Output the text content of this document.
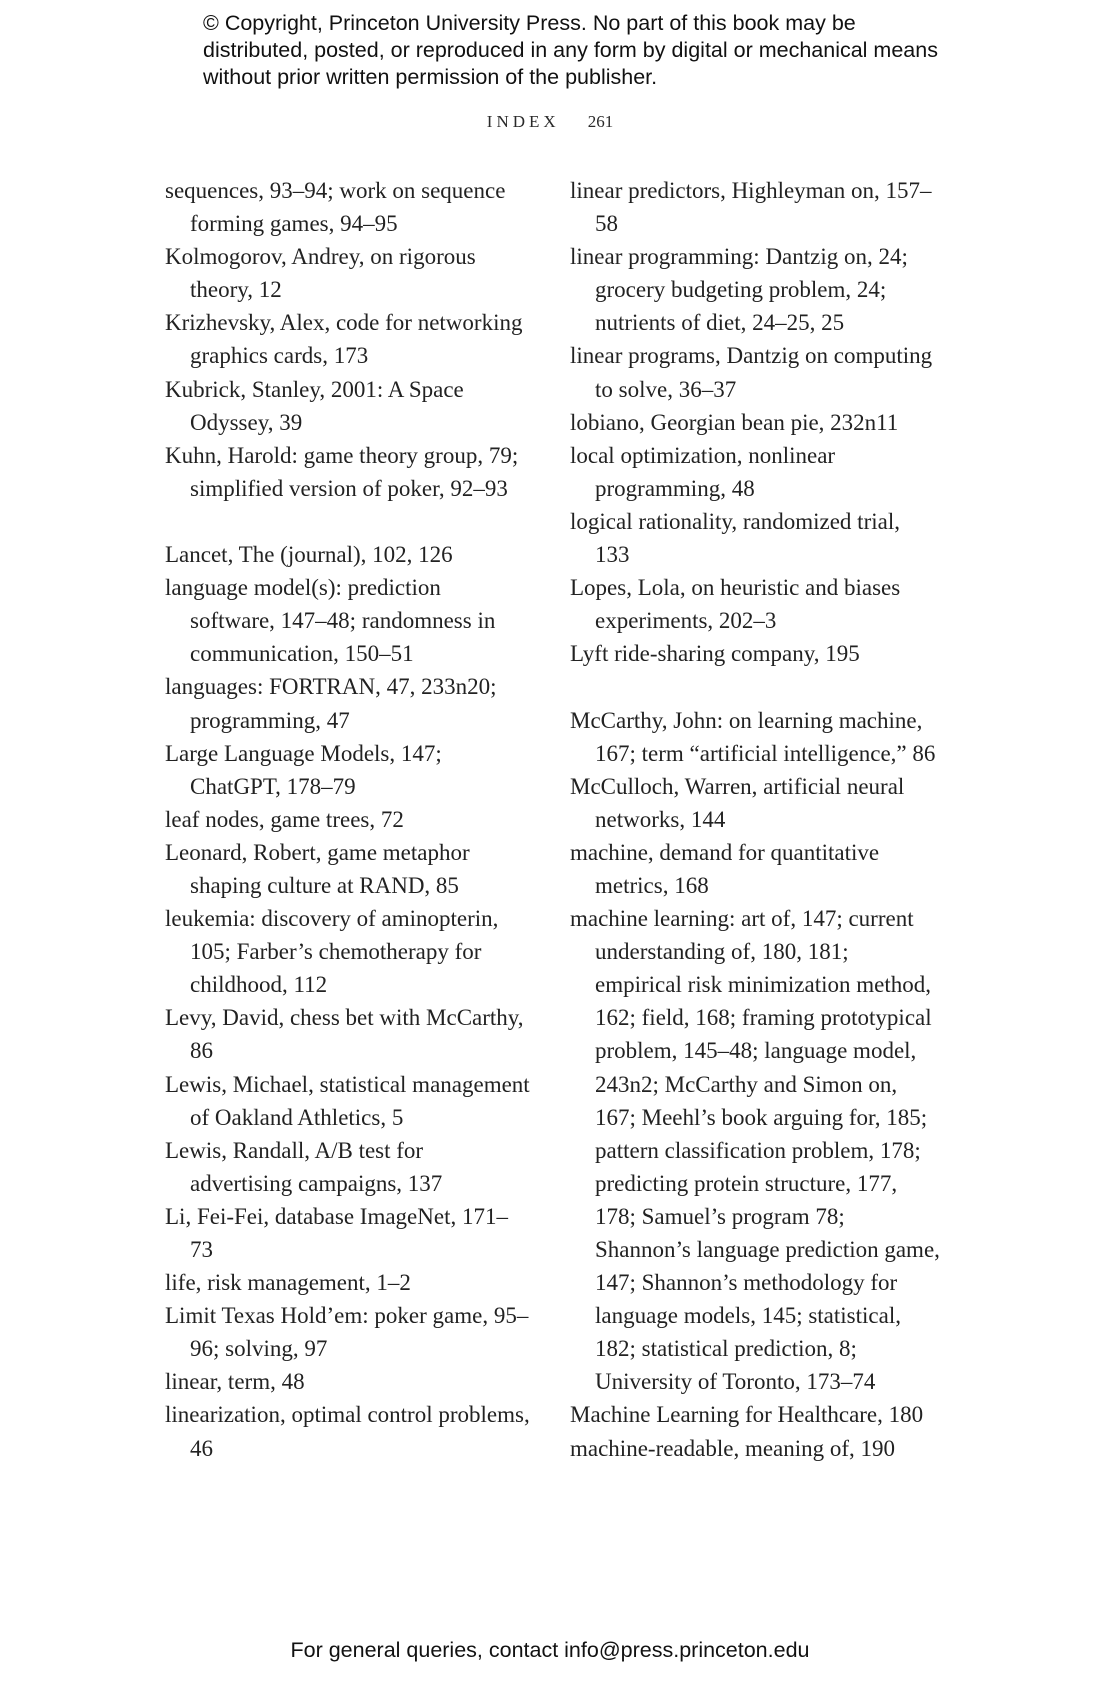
© Copyright, Princeton University Press. No part of this book may be distributed, posted, or reproduced in any form by digital or mechanical means without prior written permission of the publisher.
INDEX 261
sequences, 93–94; work on sequence forming games, 94–95
Kolmogorov, Andrey, on rigorous theory, 12
Krizhevsky, Alex, code for networking graphics cards, 173
Kubrick, Stanley, 2001: A Space Odyssey, 39
Kuhn, Harold: game theory group, 79; simplified version of poker, 92–93
Lancet, The (journal), 102, 126
language model(s): prediction software, 147–48; randomness in communication, 150–51
languages: FORTRAN, 47, 233n20; programming, 47
Large Language Models, 147; ChatGPT, 178–79
leaf nodes, game trees, 72
Leonard, Robert, game metaphor shaping culture at RAND, 85
leukemia: discovery of aminopterin, 105; Farber’s chemotherapy for childhood, 112
Levy, David, chess bet with McCarthy, 86
Lewis, Michael, statistical management of Oakland Athletics, 5
Lewis, Randall, A/B test for advertising campaigns, 137
Li, Fei-Fei, database ImageNet, 171–73
life, risk management, 1–2
Limit Texas Hold’em: poker game, 95–96; solving, 97
linear, term, 48
linearization, optimal control problems, 46
linear predictors, Highleyman on, 157–58
linear programming: Dantzig on, 24; grocery budgeting problem, 24; nutrients of diet, 24–25, 25
linear programs, Dantzig on computing to solve, 36–37
lobiano, Georgian bean pie, 232n11
local optimization, nonlinear programming, 48
logical rationality, randomized trial, 133
Lopes, Lola, on heuristic and biases experiments, 202–3
Lyft ride-sharing company, 195
McCarthy, John: on learning machine, 167; term “artificial intelligence,” 86
McCulloch, Warren, artificial neural networks, 144
machine, demand for quantitative metrics, 168
machine learning: art of, 147; current understanding of, 180, 181; empirical risk minimization method, 162; field, 168; framing prototypical problem, 145–48; language model, 243n2; McCarthy and Simon on, 167; Meehl’s book arguing for, 185; pattern classification problem, 178; predicting protein structure, 177, 178; Samuel’s program 78; Shannon’s language prediction game, 147; Shannon’s methodology for language models, 145; statistical, 182; statistical prediction, 8; University of Toronto, 173–74
Machine Learning for Healthcare, 180
machine-readable, meaning of, 190
For general queries, contact info@press.princeton.edu
